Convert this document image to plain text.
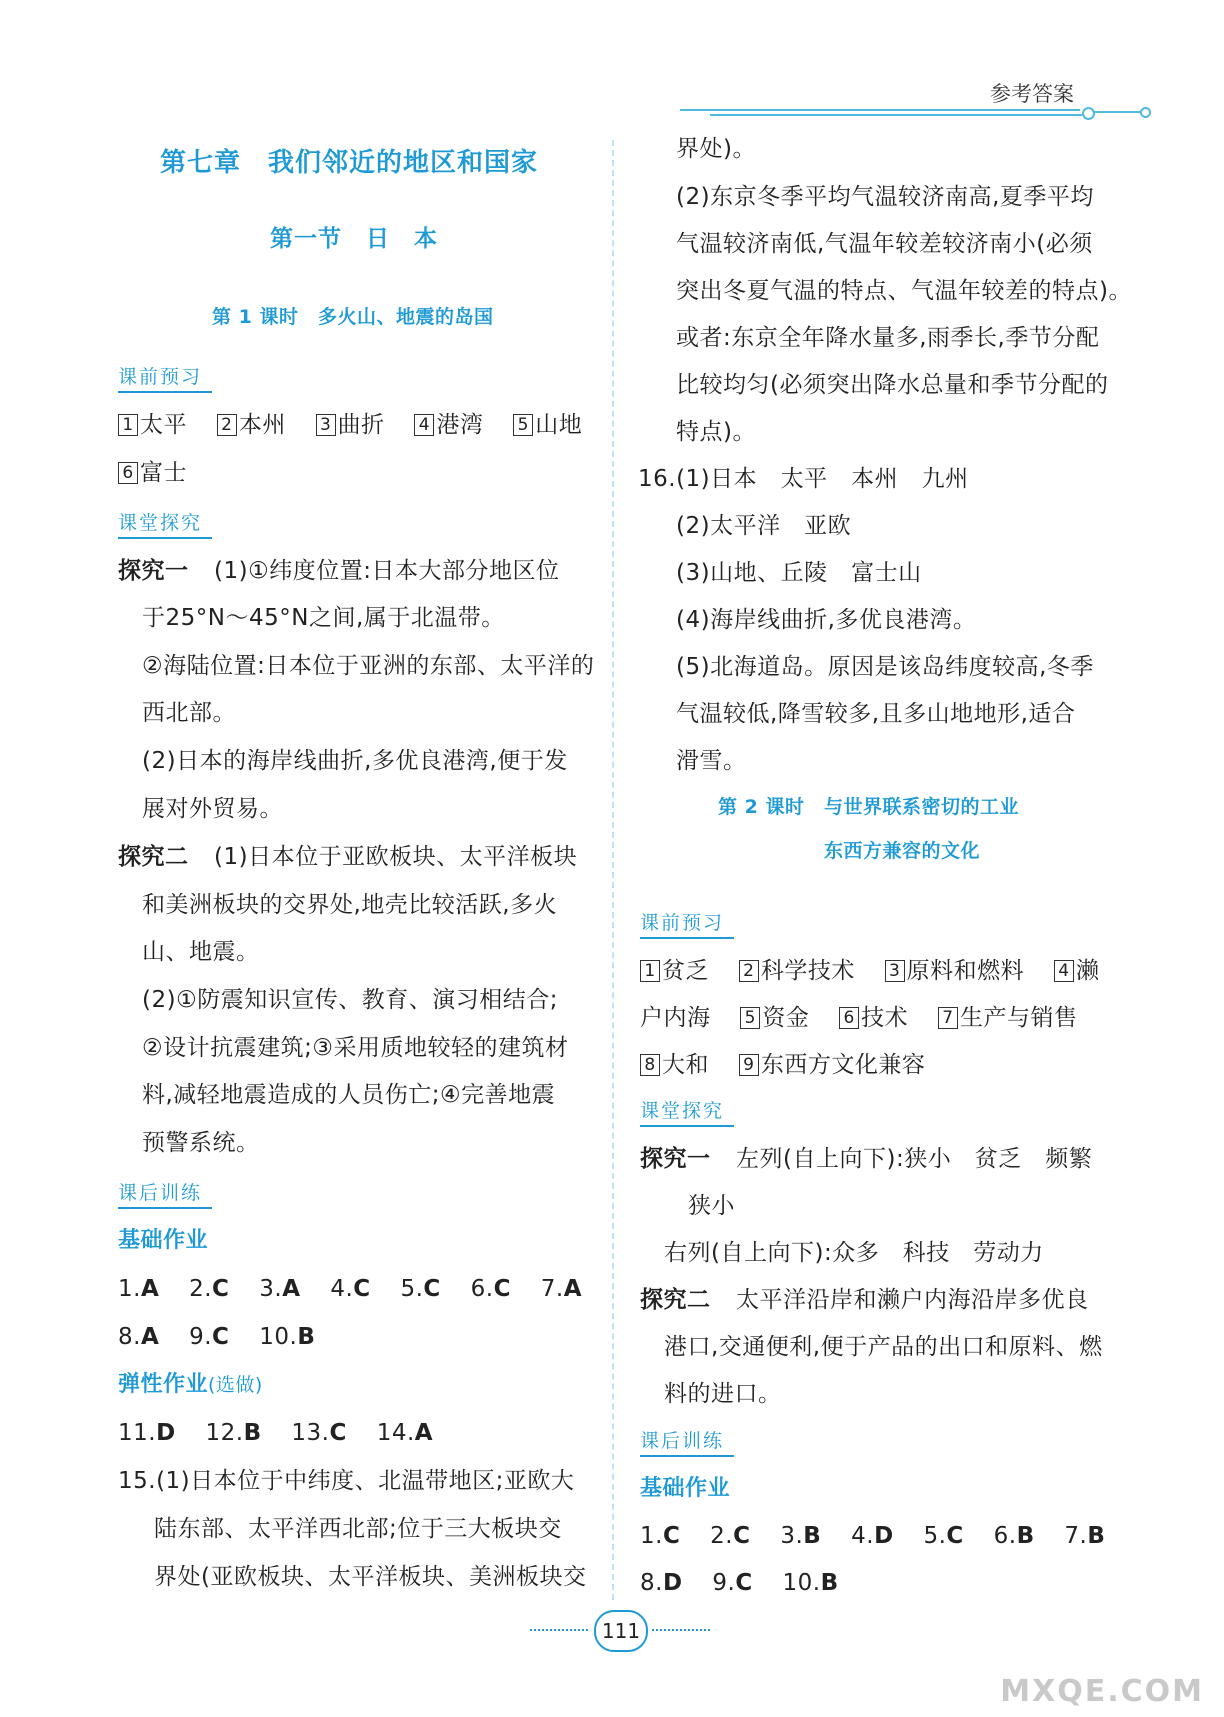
参考答案
第七章　我们邻近的地区和国家
第一节　日　本
第 1 课时　多火山、地震的岛国
课前预习
1 太平 2 本州 3 曲折 4 港湾 5 山地
6 富士
课堂探究
探究一 (1)①纬度位置:日本大部分地区位
于25°N～45°N之间,属于北温带。
②海陆位置:日本位于亚洲的东部、太平洋的
西北部。
(2)日本的海岸线曲折,多优良港湾,便于发
展对外贸易。
探究二 (1)日本位于亚欧板块、太平洋板块
和美洲板块的交界处,地壳比较活跃,多火
山、地震。
(2)①防震知识宣传、教育、演习相结合;
②设计抗震建筑;③采用质地较轻的建筑材
料,减轻地震造成的人员伤亡;④完善地震
预警系统。
课后训练
基础作业
1.A 2.C 3.A 4.C 5.C 6.C 7.A
8.A 9.C 10.B
弹性作业(选做)
11.D 12.B 13.C 14.A
15.(1)日本位于中纬度、北温带地区;亚欧大
陆东部、太平洋西北部;位于三大板块交
界处(亚欧板块、太平洋板块、美洲板块交
界处)。
(2)东京冬季平均气温较济南高,夏季平均
气温较济南低,气温年较差较济南小(必须
突出冬夏气温的特点、气温年较差的特点)。
或者:东京全年降水量多,雨季长,季节分配
比较均匀(必须突出降水总量和季节分配的
特点)。
16.(1)日本　太平　本州　九州
(2)太平洋　亚欧
(3)山地、丘陵　富士山
(4)海岸线曲折,多优良港湾。
(5)北海道岛。原因是该岛纬度较高,冬季
气温较低,降雪较多,且多山地地形,适合
滑雪。
第 2 课时　与世界联系密切的工业
东西方兼容的文化
课前预习
1 贫乏 2 科学技术 3 原料和燃料 4 濑
户内海 5 资金 6 技术 7 生产与销售
8 大和 9 东西方文化兼容
课堂探究
探究一 左列(自上向下):狭小　贫乏　频繁
狭小
右列(自上向下):众多　科技　劳动力
探究二 太平洋沿岸和濑户内海沿岸多优良
港口,交通便利,便于产品的出口和原料、燃
料的进口。
课后训练
基础作业
1.C 2.C 3.B 4.D 5.C 6.B 7.B
8.D 9.C 10.B
111
MXQE.COM
